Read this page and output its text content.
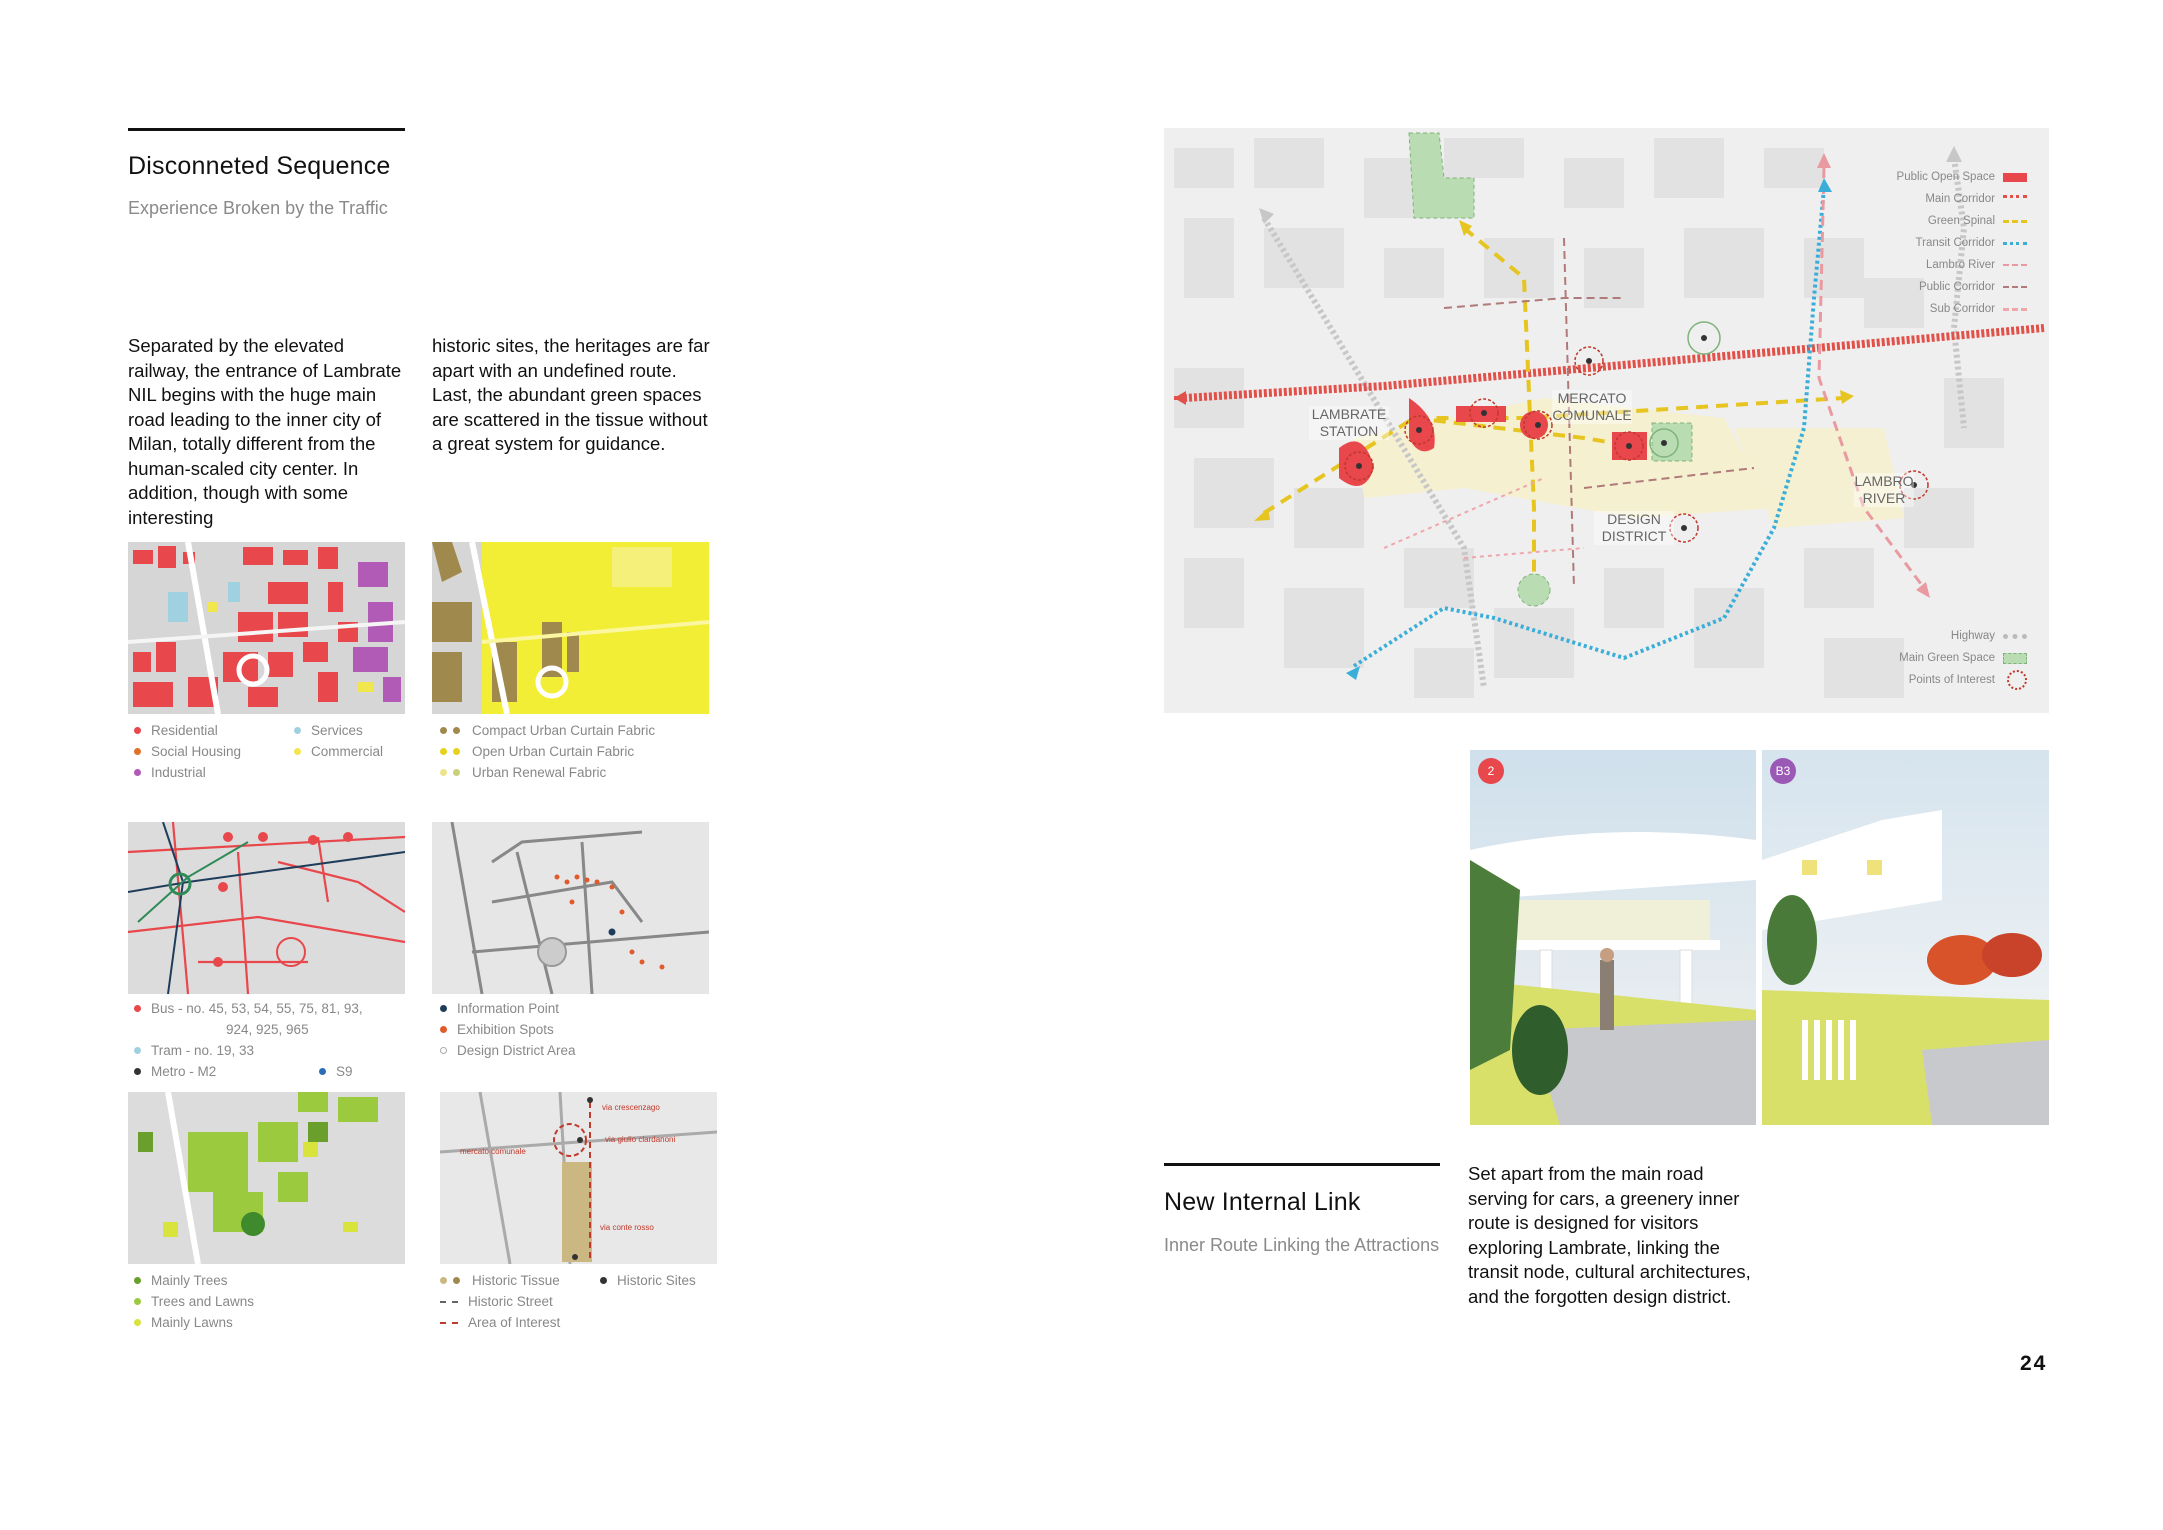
Disconneted Sequence
Experience Broken by the Traffic
Separated by the elevated railway, the entrance of Lambrate NIL begins with the huge main road leading to the inner city of Milan, totally different from the human-scaled city center. In addition, though with some interesting
historic sites, the heritages are far apart with an undefined route. Last, the abundant green spaces are scattered in the tissue without a great system for guidance.
Residential
Social Housing
Industrial
Services
Commercial
Compact Urban Curtain Fabric
Open Urban Curtain Fabric
Urban Renewal Fabric
Bus - no. 45, 53, 54, 55, 75, 81, 93,
924, 925, 965
Tram - no. 19, 33
Metro - M2	S9
Information Point
Exhibition Spots
Design District Area
Mainly Trees
Trees and Lawns
Mainly Lawns
via crescenzago
via giulio clardanoni
mercato comunale
via conte rosso
Historic Tissue
Historic Street
Area of Interest
Historic Sites
LAMBRATE STATION
MERCATO COMUNALE
DESIGN DISTRICT
LAMBRO RIVER
Public Open Space
Main Corridor
Green Spinal
Transit Corridor
Lambro River
Public Corridor
Sub Corridor
Highway
Main Green Space
Points of Interest
2	B3
New Internal Link
Inner Route Linking the Attractions
Set apart from the main road serving for cars, a greenery inner route is designed for visitors exploring Lambrate, linking the transit node, cultural architectures, and the forgotten design district.
24
